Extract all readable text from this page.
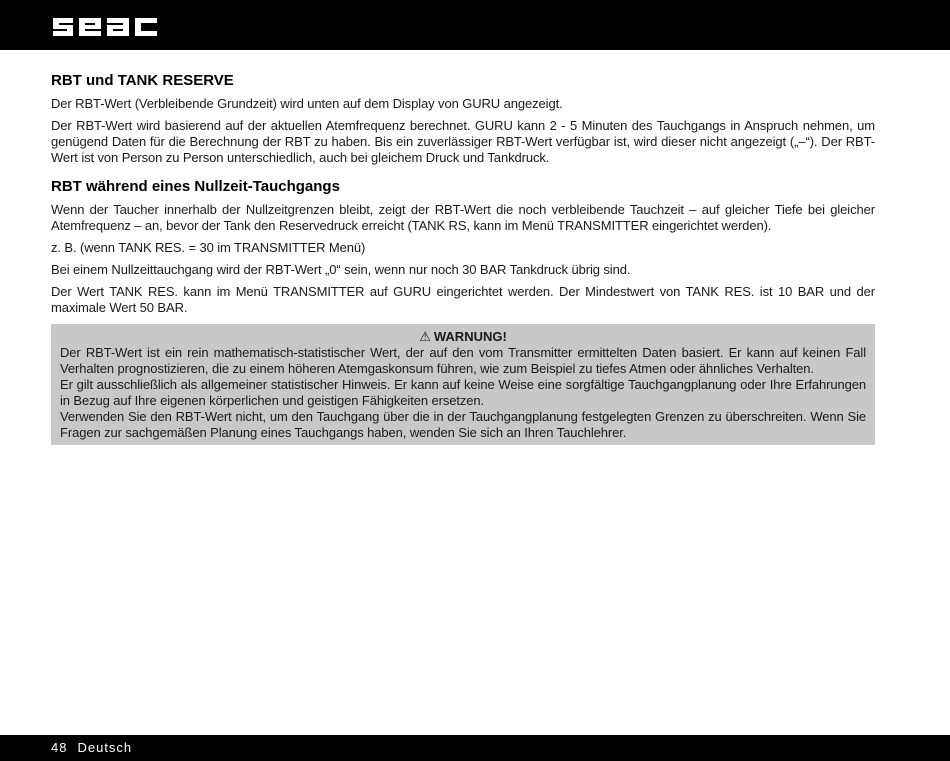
RBT und TANK RESERVE

Der RBT-Wert (Verbleibende Grundzeit) wird unten auf dem Display von GURU angezeigt.

Der RBT-Wert wird basierend auf der aktuellen Atemfrequenz berechnet. GURU kann 2 - 5 Minuten des Tauchgangs in Anspruch nehmen, um genügend Daten für die Berechnung der RBT zu haben. Bis ein zuverlässiger RBT-Wert verfügbar ist, wird dieser nicht angezeigt („–“). Der RBT-Wert ist von Person zu Person unterschiedlich, auch bei gleichem Druck und Tankdruck.

RBT während eines Nullzeit-Tauchgangs

Wenn der Taucher innerhalb der Nullzeitgrenzen bleibt, zeigt der RBT-Wert die noch verbleibende Tauchzeit – auf gleicher Tiefe bei gleicher Atemfrequenz – an, bevor der Tank den Reservedruck erreicht (TANK RS, kann im Menü TRANSMITTER eingerichtet werden).

z. B. (wenn TANK RES. = 30 im TRANSMITTER Menü)

Bei einem Nullzeittauchgang wird der RBT-Wert „0“ sein, wenn nur noch 30 BAR Tankdruck übrig sind.

Der Wert TANK RES. kann im Menü TRANSMITTER auf GURU eingerichtet werden. Der Mindestwert von TANK RES. ist 10 BAR und der maximale Wert 50 BAR.

⚠ WARNUNG!

Der RBT-Wert ist ein rein mathematisch-statistischer Wert, der auf den vom Transmitter ermittelten Daten basiert. Er kann auf keinen Fall Verhalten prognostizieren, die zu einem höheren Atemgaskonsum führen, wie zum Beispiel zu tiefes Atmen oder ähnliches Verhalten.

Er gilt ausschließlich als allgemeiner statistischer Hinweis. Er kann auf keine Weise eine sorgfältige Tauchgangplanung oder Ihre Erfahrungen in Bezug auf Ihre eigenen körperlichen und geistigen Fähigkeiten ersetzen.

Verwenden Sie den RBT-Wert nicht, um den Tauchgang über die in der Tauchgangplanung festgelegten Grenzen zu überschreiten. Wenn Sie Fragen zur sachgemäßen Planung eines Tauchgangs haben, wenden Sie sich an Ihren Tauchlehrer.

48 Deutsch
